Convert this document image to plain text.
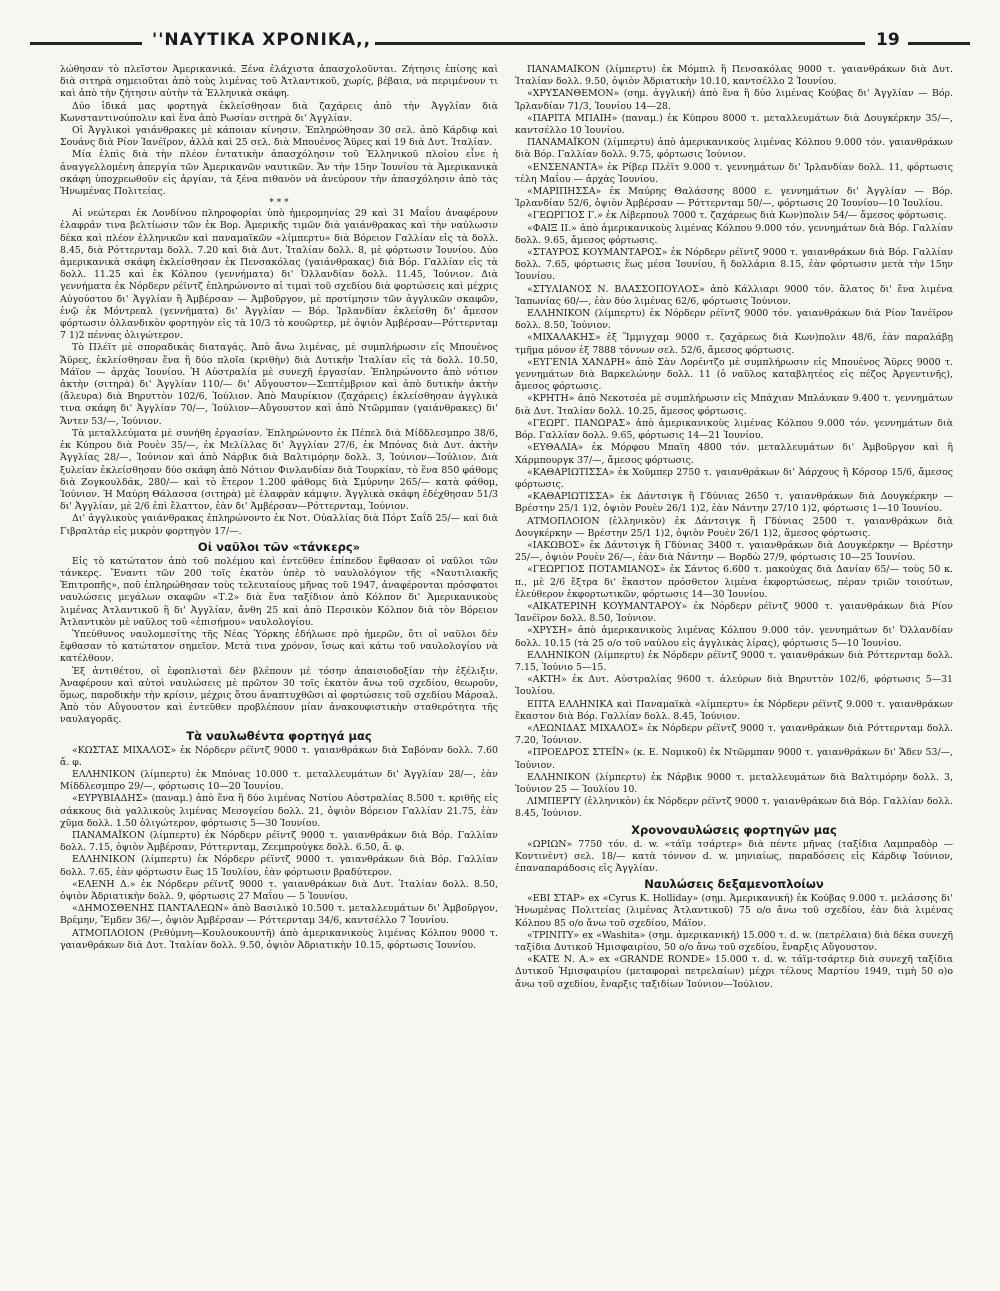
''ΝΑΥΤΙΚΑ ΧΡΟΝΙΚΑ,,	19

λώθησαν τὸ πλεῖστον Ἀμερικανικά. Ξένα ἐλάχιστα ἀπασχολοῦνται. Ζήτησις ἐπίσης καὶ διὰ σιτηρὰ σημειοῦται ἀπὸ τοὺς λιμένας τοῦ Ἀτλαντικοῦ, χωρίς, βέβαια, νὰ περιμένουν τι καὶ ἀπὸ τὴν ζήτησιν αὐτὴν τὰ Ἑλληνικὰ σκάφη.

Δύο ἰδικά μας φορτηγὰ ἐκλείσθησαν διὰ ζαχάρεις ἀπὸ τὴν Ἀγγλίαν διὰ Κωνσταντινούπολιν καὶ ἕνα ἀπὸ Ρωσίαν σιτηρὰ δι' Ἀγγλίαν.

Οἱ Ἀγγλικοὶ γαιάνθρακες μὲ κάποιαν κίνησιν. Ἐπληρώθησαν 30 σελ. ἀπὸ Κάρδιφ καὶ Σουάνς διὰ Ρίον Ἰανέϊρον, ἀλλὰ καὶ 25 σελ. διὰ Μπουένος Ἄϋρες καὶ 19 διὰ Δυτ. Ἰταλίαν.

Μία ἐλπὶς διὰ τὴν πλέον ἐντατικὴν ἀπασχόλησιν τοῦ Ἑλληνικοῦ πλοίου εἶνε ἡ ἀναγγελλομένη ἀπεργία τῶν Ἀμερικανῶν ναυτικῶν. Ἄν τὴν 15ην Ἰουνίου τὰ Ἀμερικανικὰ σκάφη ὑποχρεωθοῦν εἰς ἀργίαν, τὰ ξένα πιθανὸν νὰ ἀνεύρουν τὴν ἀπασχόλησιν ἀπὸ τὰς Ἡνωμένας Πολιτείας.

* * *

Αἱ νεώτεραι ἐκ Λονδίνου πληροφορίαι ὑπὸ ἡμερομηνίας 29 καὶ 31 Μαΐου ἀναφέρουν ἐλαφράν τινα βελτίωσιν τῶν ἐκ Βορ. Ἀμερικῆς τιμῶν διὰ γαιάνθρακας καὶ τὴν ναύλωσιν δέκα καὶ πλέον ἑλληνικῶν καὶ παναμαϊκῶν «λίμπερτυ» διὰ Βόρειον Γαλλίαν εἰς τὰ δολλ. 8.45, διὰ Ρόττερνταμ δολλ. 7.20 καὶ διὰ Δυτ. Ἰταλίαν δολλ. 8, μὲ φόρτωσιν Ἰουνίου. Δύο ἀμερικανικὰ σκάφη ἐκλείσθησαν ἐκ Πενσακόλας (γαιάνθρακας) διὰ Βόρ. Γαλλίαν εἰς τὰ δολλ. 11.25 καὶ ἐκ Κόλπου (γεννήματα) δι' Ὀλλανδίαν δολλ. 11.45, Ἰούνιον. Διὰ γεννήματα ἐκ Νόρδερν ρέϊντζ ἐπληρώνοντο αἱ τιμαὶ τοῦ σχεδίου διὰ φορτώσεις καὶ μέχρις Αὐγούστου δι' Ἀγγλίαν ἢ Ἀμβέρσαν — Ἀμβοῦργον, μὲ προτίμησιν τῶν ἀγγλικῶν σκαφῶν, ἐνῷ ἐκ Μόντρεαλ (γεννήματα) δι' Ἀγγλίαν — Βόρ. Ἰρλανδίαν ἐκλείσθη δι' ἄμεσον φόρτωσιν ὀλλανδικὸν φορτηγὸν εἰς τὰ 10/3 τὸ κουῶρτερ, μὲ ὀψιὸν Ἀμβέρσαν—Ρόττερνταμ 7 1)2 πέννας ὀλιγώτερον.

Τὸ Πλέϊτ μὲ σποραδικὰς διαταγάς. Ἀπὸ ἄνω λιμένας, μὲ συμπλήρωσιν εἰς Μπουένος Ἄϋρες, ἐκλείσθησαν ἕνα ἢ δύο πλοῖα (κριθὴν) διὰ Δυτικὴν Ἰταλίαν εἰς τὰ δολλ. 10.50, Μάϊον — ἀρχὰς Ἰουνίου. Ἡ Αὐστραλία μὲ συνεχῆ ἐργασίαν. Ἐπληρώνοντο ἀπὸ νότιον ἀκτὴν (σιτηρὰ) δι' Ἀγγλίαν 110/— δι' Αὔγουστον—Σεπτέμβριον καὶ ἀπὸ δυτικὴν ἀκτὴν (ἄλευρα) διὰ Βηρυττὸν 102/6, Ἰούλιον. Ἀπὸ Μαυρίκιον (ζαχάρεις) ἐκλείσθησαν ἀγγλικὰ τινα σκάφη δι' Ἀγγλίαν 70/—, Ἰούλιον—Αὔγουστον καὶ ἀπὸ Ντῶρμπαν (γαιάνθρακες) δι' Ἄντεν 53/—, Ἰούνιον.

Τὰ μεταλλεύματα μὲ συνήθη ἐργασίαν. Ἐπληρώνοντο ἐκ Πέπελ διὰ Μίδδλεσμπρο 38/6, ἐκ Κύπρου διὰ Ρουὲν 35/—, ἐκ Μελίλλας δι' Ἀγγλίαν 27/6, ἐκ Μπόνας διὰ Δυτ. ἀκτὴν Ἀγγλίας 28/—, Ἰούνιον καὶ ἀπὸ Νάρβικ διὰ Βαλτιμόρην δολλ. 3, Ἰούνιον—Ἰούλιον. Διὰ ξυλείαν ἐκλείσθησαν δύο σκάφη ἀπὸ Νότιον Φινλανδίαν διὰ Τουρκίαν, τὸ ἕνα 850 φάθομς διὰ Ζογκουλδάκ, 280/— καὶ τὸ ἕτερον 1.200 φάθομς διὰ Σμύρνην 265/— κατὰ φάθομ, Ἰούνιον. Ἡ Μαύρη Θάλασσα (σιτηρὰ) μὲ ἐλαφρὰν κάμψιν. Ἀγγλικὰ σκάφη ἐδέχθησαν 51/3 δι' Ἀγγλίαν, μὲ 2/6 ἐπὶ ἔλαττον, ἐὰν δι' Ἀμβέρσαν—Ρόττερνταμ, Ἰούνιον.

Δι' ἀγγλικοὺς γαιάνθρακας ἐπληρώνοντο ἐκ Νοτ. Οὐαλλίας διὰ Πόρτ Σαΐδ 25/— καὶ διὰ Γιβραλτὰρ εἰς μικρὸν φορτηγὸν 17/—.

Οἱ ναῦλοι τῶν «τάνκερς»

Εἰς τὸ κατώτατον ἀπὸ τοῦ πολέμου καὶ ἐντεῦθεν ἐπίπεδον ἔφθασαν οἱ ναῦλοι τῶν τάνκερς. Ἔναντι τῶν 200 τοῖς ἑκατὸν ὑπὲρ τὸ ναυλολόγιον τῆς «Ναυτιλιακῆς Ἐπιτροπῆς», ποῦ ἐπληρώθησαν τοὺς τελευταίους μῆνας τοῦ 1947, ἀναφέρονται πρόσφατοι ναυλώσεις μεγάλων σκαφῶν «Τ.2» διὰ ἕνα ταξίδιον ἀπὸ Κόλπον δι' Ἀμερικανικοὺς λιμένας Ἀτλαντικοῦ ἢ δι' Ἀγγλίαν, ἄνθη 25 καὶ ἀπὸ Περσικὸν Κόλπον διὰ τὸν Βόρειον Ἀτλαντικὸν μὲ ναῦλος τοῦ «ἐπισήμου» ναυλολογίου.

Ὑπεύθυνος ναυλομεσίτης τῆς Νέας Ὑόρκης ἐδήλωσε πρὸ ἡμερῶν, ὅτι οἱ ναῦλοι δὲν ἔφθασαν τὸ κατώτατον σημεῖον. Μετὰ τινα χρόνον, ἴσως καὶ κάτω τοῦ ναυλολογίου νὰ κατέλθουν.

Ἐξ ἀντιθέτου, οἱ ἐφοπλισταὶ δὲν βλέπουν μὲ τόσην ἀπαισιοδοξίαν τὴν ἐξέλιξιν. Ἀναφέρουν καὶ αὐτοὶ ναυλώσεις μὲ πρῶτον 30 τοῖς ἑκατὸν ἄνω τοῦ σχεδίου, θεωροῦν, ὅμως, παροδικὴν τὴν κρίσιν, μέχρις ὅτου ἀναπτυχθῶσι αἱ φορτώσεις τοῦ σχεδίου Μάρσαλ. Ἀπὸ τὸν Αὔγουστον καὶ ἐντεῦθεν προβλέπουν μίαν ἀνακουφιστικὴν σταθερότητα τῆς ναυλαγορᾶς.

Τὰ ναυλωθέντα φορτηγά μας

«ΚΩΣΤΑΣ ΜΙΧΑΛΟΣ» ἐκ Νόρδερν ρέϊντζ 9000 τ. γαιανθράκων διὰ Σαβόναν δολλ. 7.60 ἄ. φ.

ΕΛΛΗΝΙΚΟΝ (λίμπερτυ) ἐκ Μπόνας 10.000 τ. μεταλλευμάτων δι' Ἀγγλίαν 28/—, ἐὰν Μίδδλεσμπρο 29/—, φόρτωσις 10—20 Ἰουνίου.

«ΕΥΡΥΒΙΑΔΗΣ» (παναμ.) ἀπὸ ἕνα ἢ δύο λιμένας Νοτίου Αὐστραλίας 8.500 τ. κριθῆς εἰς σάκκους διὰ γαλλικοὺς λιμένας Μεσογείου δολλ. 21, ὀψιὸν Βόρειον Γαλλίαν 21.75, ἐὰν χῦμα δολλ. 1.50 ὀλιγώτερον, φόρτωσις 5—30 Ἰουνίου.

ΠΑΝΑΜΑΪΚΟΝ (λίμπερτυ) ἐκ Νόρδερν ρέϊντζ 9000 τ. γαιανθράκων διὰ Βόρ. Γαλλίαν δολλ. 7.15, ὀψιὸν Ἀμβέρσαν, Ρόττερνταμ, Ζεεμπρούγκε δολλ. 6.50, ἄ. φ.

ΕΛΛΗΝΙΚΟΝ (λίμπερτυ) ἐκ Νόρδερν ρέϊντζ 9000 τ. γαιανθράκων διὰ Βόρ. Γαλλίαν δολλ. 7.65, ἐὰν φόρτωσιν ἕως 15 Ἰουλίου, ἐὰν φόρτωσιν βραδύτερον.

«ΕΛΕΝΗ Δ.» ἐκ Νόρδερν ρέϊντζ 9000 τ. γαιανθράκων διὰ Δυτ. Ἰταλίαν δολλ. 8.50, ὀψιὸν Ἀδριατικὴν δολλ. 9, φόρτωσις 27 Μαΐου — 5 Ἰουνίου.

«ΔΗΜΟΣΘΕΝΗΣ ΠΑΝΤΑΛΕΩΝ» ἀπὸ Βασιλικὸ 10.500 τ. μεταλλευμάτων δι' Ἀμβοῦργον, Βρέμην, Ἔμδεν 36/—, ὀψιὸν Ἀμβέρσαν — Ρόττερνταμ 34/6, καντσέλλο 7 Ἰουνίου.

ΑΤΜΟΠΛΟΙΟΝ (Ρεθύμνη—Κουλουκουντῆ) ἀπὸ ἀμερικανικοὺς λιμένας Κόλπου 9000 τ. γαιανθράκων διὰ Δυτ. Ἰταλίαν δολλ. 9.50, ὀψιὸν Ἀδριατικὴν 10.15, φόρτωσις Ἰουνίου.

ΠΑΝΑΜΑΪΚΟΝ (λίμπερτυ) ἐκ Μόμπιλ ἢ Πενσακόλας 9000 τ. γαιανθράκων διὰ Δυτ. Ἰταλίαν δολλ. 9.50, ὀψιὸν Ἀδριατικὴν 10.10, καντσέλλο 2 Ἰουνίου.

«ΧΡΥΣΑΝΘΕΜΟΝ» (σημ. ἀγγλική) ἀπὸ ἕνα ἢ δύο λιμένας Κούβας δι' Ἀγγλίαν — Βόρ. Ἰρλανδίαν 71/3, Ἰουνίου 14—28.

«ΠΑΡΙΤΑ ΜΠΑΙΗ» (παναμ.) ἐκ Κύπρου 8000 τ. μεταλλευμάτων διὰ Δουγκέρκην 35/—, καντσέλλο 10 Ἰουνίου.

ΠΑΝΑΜΑΪΚΟΝ (λίμπερτυ) ἀπὸ ἀμερικανικοὺς λιμένας Κόλπου 9.000 τόν. γαιανθράκων διὰ Βόρ. Γαλλίαν δολλ. 9.75, φόρτωσις Ἰούνιον.

«ΕΝΣΕΝΑΝΤΑ» ἐκ Ρίβερ Πλέϊτ 9.000 τ. γεννημάτων δι' Ἰρλανδίαν δολλ. 11, φόρτωσις τέλη Μαΐου — ἀρχὰς Ἰουνίου.

«ΜΑΡΙΠΗΣΣΑ» ἐκ Μαύρης Θαλάσσης 8000 ε. γεννημάτων δι' Ἀγγλίαν — Βόρ. Ἰρλανδίαν 52/6, ὀψιὸν Ἀμβέρσαν — Ρόττερνταμ 50/—, φόρτωσις 20 Ἰουνίου—10 Ἰουλίου.

«ΓΕΩΡΓΙΟΣ Γ.» ἐκ Λίβερπουλ 7000 τ. ζαχάρεως διὰ Κων)πολιν 54/— ἄμεσος φόρτωσις.

«ΦΑΙΞ ΙΙ.» ἀπὸ ἀμερικανικοὺς λιμένας Κόλπου 9.000 τόν. γεννημάτων διὰ Βόρ. Γαλλίαν δολλ. 9.65, ἄμεσος φόρτωσις.

«ΣΤΑΥΡΟΣ ΚΟΥΜΑΝΤΑΡΟΣ» ἐκ Νόρδερν ρέϊντζ 9000 τ. γαιανθράκων διὰ Βόρ. Γαλλίαν δολλ. 7.65, φόρτωσις ἕως μέσα Ἰουνίου, ἢ δολλάρια 8.15, ἐὰν φόρτωσιν μετὰ τὴν 15ην Ἰουνίου.

«ΣΤΥΛΙΑΝΟΣ Ν. ΒΛΑΣΣΟΠΟΥΛΟΣ» ἀπὸ Κάλλιαρι 9000 τόν. ἅλατος δι' ἕνα λιμένα Ἰαπωνίας 60/—, ἐὰν δύο λιμένας 62/6, φόρτωσις Ἰούνιον.

ΕΛΛΗΝΙΚΟΝ (λίμπερτυ) ἐκ Νόρδερν ρέϊντζ 9000 τόν. γαιανθράκων διὰ Ρίον Ἰανέϊρον δολλ. 8.50, Ἰούνιον.

«ΜΙΧΑΛΑΚΗΣ» ἐξ Ἴμμιγχαμ 9000 τ. ζαχάρεως διὰ Κων)πολιν 48/6, ἐὰν παραλάβῃ τμῆμα μόνον ἐξ 7888 τόννων σελ. 52/6, ἄμεσος φόρτωσις.

«ΕΥΓΕΝΙΑ ΧΑΝΔΡΗ» ἀπὸ Σὰν Λορέντζο μὲ συμπλήρωσιν εἰς Μπουένος Ἄϋρες 9000 τ. γεννημάτων διὰ Βαρκελώνην δολλ. 11 (ὁ ναῦλος καταβλητέος εἰς πέζος Ἀργεντινῆς), ἄμεσος φόρτωσις.

«ΚΡΗΤΗ» ἀπὸ Νεκοτσέα μὲ συμπλήρωσιν εἰς Μπάχιαν Μπλάνκαν 9.400 τ. γεννημάτων διὰ Δυτ. Ἰταλίαν δολλ. 10.25, ἄμεσος φόρτωσις.

«ΓΕΩΡΓ. ΠΑΝΩΡΑΣ» ἀπὸ ἀμερικανικοὺς λιμένας Κόλπου 9.000 τόν. γεννημάτων διὰ Βόρ. Γαλλίαν δολλ. 9.65, φόρτωσις 14—21 Ἰουνίου.

«ΕΥΘΑΛΙΑ» ἐκ Μόρφου Μπαϊη 4800 τόν. μεταλλευμάτων δι' Ἀμβοῦργον καὶ ἢ Χάρμπουργκ 37/—, ἄμεσος φόρτωσις.

«ΚΑΘΑΡΙΩΤΙΣΣΑ» ἐκ Χοῦμπερ 2750 τ. γαιανθράκων δι' Ἀάρχους ἢ Κόρσορ 15/6, ἄμεσος φόρτωσις.

«ΚΑΘΑΡΙΩΤΙΣΣΑ» ἐκ Δάντσιγκ ἢ Γδύνιας 2650 τ. γαιανθράκων διὰ Δουγκέρκην — Βρέστην 25/1 1)2, ὀψιὸν Ρουὲν 26/1 1)2, ἐὰν Νάντην 27/10 1)2, φόρτωσις 1—10 Ἰουνίου.

ΑΤΜΟΠΛΟΙΟΝ (ἑλληνικὸν) ἐκ Δάντσιγκ ἢ Γδύνιας 2500 τ. γαιανθράκων διὰ Δουγκέρκην — Βρέστην 25/1 1)2, ὀψιὸν Ρουὲν 26/1 1)2, ἄμεσος φόρτωσις.

«ΙΑΚΩΒΟΣ» ἐκ Δάντσιγκ ἢ Γδύνιας 3400 τ. γαιανθράκων διὰ Δουγκέρκην — Βρέστην 25/—, ὀψιὸν Ρουὲν 26/—, ἐὰν διὰ Νάντην — Βορδὼ 27/9, φόρτωσις 10—25 Ἰουνίου.

«ΓΕΩΡΓΙΟΣ ΠΟΤΑΜΙΑΝΟΣ» ἐκ Σάντος 6.600 τ. μακούχας διὰ Δανίαν 65/— τοὺς 50 κ. π., μὲ 2/6 ἔξτρα δι' ἕκαστον πρόσθετον λιμένα ἐκφορτώσεως, πέραν τριῶν τοιούτων, ἐλεύθερον ἐκφορτωτικῶν, φόρτωσις 14—30 Ἰουνίου.

«ΑΙΚΑΤΕΡΙΝΗ ΚΟΥΜΑΝΤΑΡΟΥ» ἐκ Νόρδερν ρέϊντζ 9000 τ. γαιανθράκων διὰ Ρίον Ἰανέϊρον δολλ. 8.50, Ἰούνιον.

«ΧΡΥΣΗ» ἀπὸ ἀμερικανικοὺς λιμένας Κόλπου 9.000 τόν. γεννημάτων δι' Ὀλλανδίαν δολλ. 10.15 (τὰ 25 ο/ο τοῦ ναύλου εἰς ἀγγλικὰς λίρας), φόρτωσις 5—10 Ἰουνίου.

ΕΛΛΗΝΙΚΟΝ (λίμπερτυ) ἐκ Νόρδερν ρέϊντζ 9000 τ. γαιανθράκων διὰ Ρόττερνταμ δολλ. 7.15, Ἰούνιο 5—15.

«ΑΚΤΗ» ἐκ Δυτ. Αὐστραλίας 9600 τ. ἀλεύρων διὰ Βηρυττὸν 102/6, φόρτωσις 5—31 Ἰουλίου.

ΕΠΤΑ ΕΛΛΗΝΙΚΑ καὶ Παναμαϊκὰ «λίμπερτυ» ἐκ Νόρδερν ρέϊντζ 9.000 τ. γαιανθράκων ἕκαστον διὰ Βόρ. Γαλλίαν δολλ. 8.45, Ἰούνιον.

«ΛΕΩΝΙΔΑΣ ΜΙΧΑΛΟΣ» ἐκ Νόρδερν ρέϊντζ 9000 τ. γαιανθράκων διὰ Ρόττερνταμ δολλ. 7.20, Ἰούνιον.

«ΠΡΟΕΔΡΟΣ ΣΤΕΪΝ» (κ. Ε. Νομικοῦ) ἐκ Ντῶρμπαν 9000 τ. γαιανθράκων δι' Ἄδεν 53/—, Ἰούνιον.

ΕΛΛΗΝΙΚΟΝ (λίμπερτυ) ἐκ Νάρβικ 9000 τ. μεταλλευμάτων διὰ Βαλτιμόρην δολλ. 3, Ἰούνιον 25 — Ἰουλίου 10.

ΛΙΜΠΕΡΤΥ (ἑλληνικὸν) ἐκ Νόρδερν ρέϊντζ 9000 τ. γαιανθράκων διὰ Βόρ. Γαλλίαν δολλ. 8.45, Ἰούνιον.

Χρονοναυλώσεις φορτηγῶν μας

«ΩΡΙΩΝ» 7750 τόν. d. w. «τάϊμ τσάρτερ» διὰ πέντε μῆνας (ταξίδια Λαμπραδὸρ — Κοντινὲντ) σελ. 18/— κατὰ τόννον d. w. μηνιαίως, παραδόσεις εἰς Κάρδιφ Ἰούνιον, ἐπαναπαράδοσις εἰς Ἀγγλίαν.

Ναυλώσεις δεξαμενοπλοίων

«ΕΒΙ ΣΤΑΡ» ex «Cyrus K. Holliday» (σημ. Ἀμερικανική) ἐκ Κούβας 9.000 τ. μελάσσης δι' Ἡνωμένας Πολιτείας (λιμένας Ἀτλαντικοῦ) 75 ο/ο ἄνω τοῦ σχεδίου, ἐὰν διὰ λιμένας Κόλπου 85 ο/ο ἄνω τοῦ σχεδίου, Μάϊον.

«ΤΡΙΝΙΤΥ» ex «Washita» (σημ. ἀμερικανική) 15.000 τ. d. w. (πετρέλαια) διὰ δέκα συνεχῆ ταξίδια Δυτικοῦ Ἡμισφαιρίου, 50 ο/ο ἄνω τοῦ σχεδίου, ἔναρξις Αὔγουστον.

«ΚΑΤΕ Ν. Α.» ex «GRANDE RONDE» 15.000 τ. d. w. τάϊμ-τσάρτερ διὰ συνεχῆ ταξίδια Δυτικοῦ Ἡμισφαιρίου (μεταφοραὶ πετρελαίων) μέχρι τέλους Μαρτίου 1949, τιμὴ 50 ο)ο ἄνω τοῦ σχεδίου, ἔναρξις ταξιδίων Ἰούνιον—Ἰούλιον.
